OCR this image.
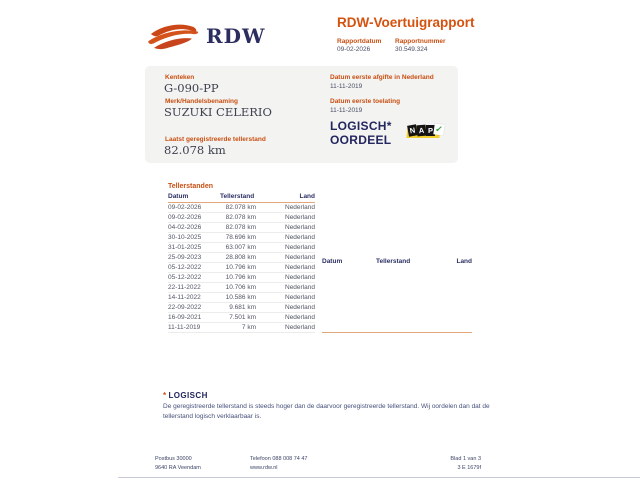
RDW
RDW-Voertuigrapport
Rapportdatum Rapportnummer
09-02-2026	30.549.324
Kenteken
G-090-PP
Merk/Handelsbenaming
SUZUKI CELERIO
Laatst geregistreerde tellerstand
82.078 km
Datum eerste afgifte in Nederland
11-11-2019
Datum eerste toelating
11-11-2019
LOGISCH*
OORDEEL
N A P ✓
Tellerstanden
Datum	Tellerstand	Land
09-02-2026	82.078 km	Nederland
09-02-2026	82.078 km	Nederland
04-02-2026	82.078 km	Nederland
30-10-2025	78.696 km	Nederland
31-01-2025	63.007 km	Nederland
25-09-2023	28.808 km	Nederland
05-12-2022	10.796 km	Nederland
05-12-2022	10.796 km	Nederland
22-11-2022	10.706 km	Nederland
14-11-2022	10.586 km	Nederland
22-09-2022	9.681 km	Nederland
16-09-2021	7.501 km	Nederland
11-11-2019	7 km	Nederland
Datum	Tellerstand	Land
* LOGISCH
De geregistreerde tellerstand is steeds hoger dan de daarvoor geregistreerde tellerstand. Wij oordelen dan dat de tellerstand logisch verklaarbaar is.
Postbus 30000
9640 RA Veendam
Telefoon 088 008 74 47
www.rdw.nl
Blad 1 van 3
3 E 1679f
